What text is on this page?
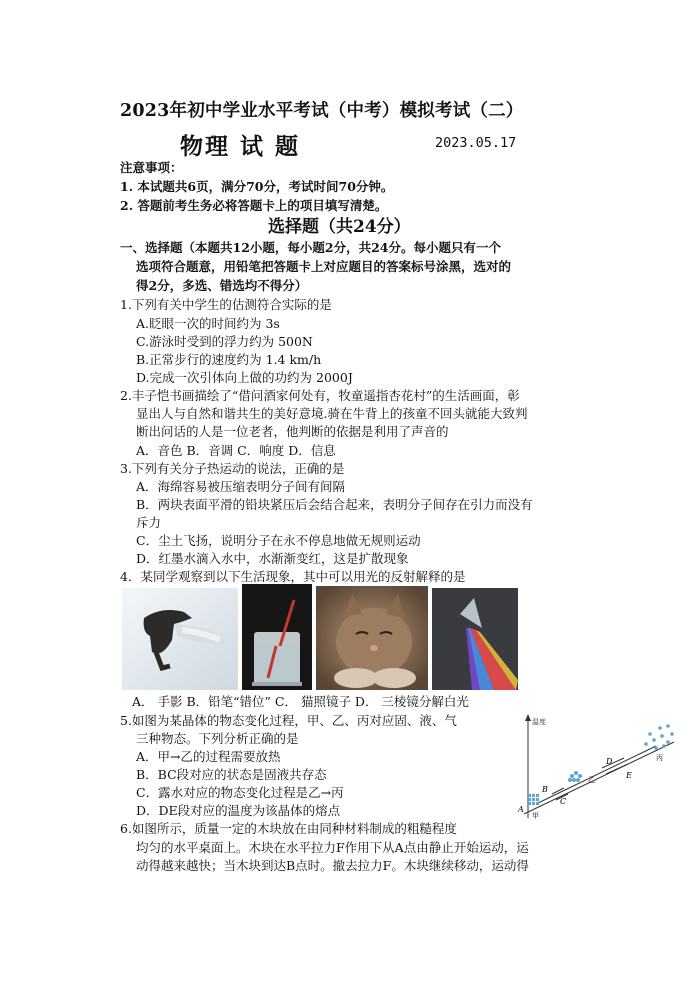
2023年初中学业水平考试（中考）模拟考试（二）
物理 试 题	2023.05.17
注意事项：
1. 本试题共6页，满分70分，考试时间70分钟。
2. 答题前考生务必将答题卡上的项目填写清楚。
选择题（共24分）
一、选择题（本题共12小题，每小题2分，共24分。每小题只有一个
选项符合题意，用铅笔把答题卡上对应题目的答案标号涂黑，选对的
得2分，多选、错选均不得分）
1.下列有关中学生的估测符合实际的是
A.眨眼一次的时间约为 3s
C.游泳时受到的浮力约为 500N
B.正常步行的速度约为 1.4 km/h
D.完成一次引体向上做的功约为 2000J
2.丰子恺书画描绘了“借问酒家何处有，牧童遥指杏花村”的生活画面，彰
显出人与自然和谐共生的美好意境.骑在牛背上的孩童不回头就能大致判
断出问话的人是一位老者，他判断的依据是利用了声音的
A．音色 B．音调 C．响度 D．信息
3.下列有关分子热运动的说法，正确的是
A．海绵容易被压缩表明分子间有间隔
B．两块表面平滑的铅块紧压后会结合起来，表明分子间存在引力而没有
斥力
C．尘土飞扬，说明分子在永不停息地做无规则运动
D．红墨水滴入水中，水渐渐变红，这是扩散现象
4．某同学观察到以下生活现象，其中可以用光的反射解释的是
A． 手影 B．铅笔“错位” C． 猫照镜子 D． 三棱镜分解白光
5.如图为某晶体的物态变化过程，甲、乙、丙对应固、液、气
三种物态。下列分析正确的是
A．甲→乙的过程需要放热
B．BC段对应的状态是固液共存态
C．露水对应的物态变化过程是乙→丙
D．DE段对应的温度为该晶体的熔点
温度
A
B
C
D
E
甲
乙
丙
6.如图所示，质量一定的木块放在由同种材料制成的粗糙程度
均匀的水平桌面上。木块在水平拉力F作用下从A点由静止开始运动，运
动得越来越快；当木块到达B点时。撤去拉力F。木块继续移动，运动得
